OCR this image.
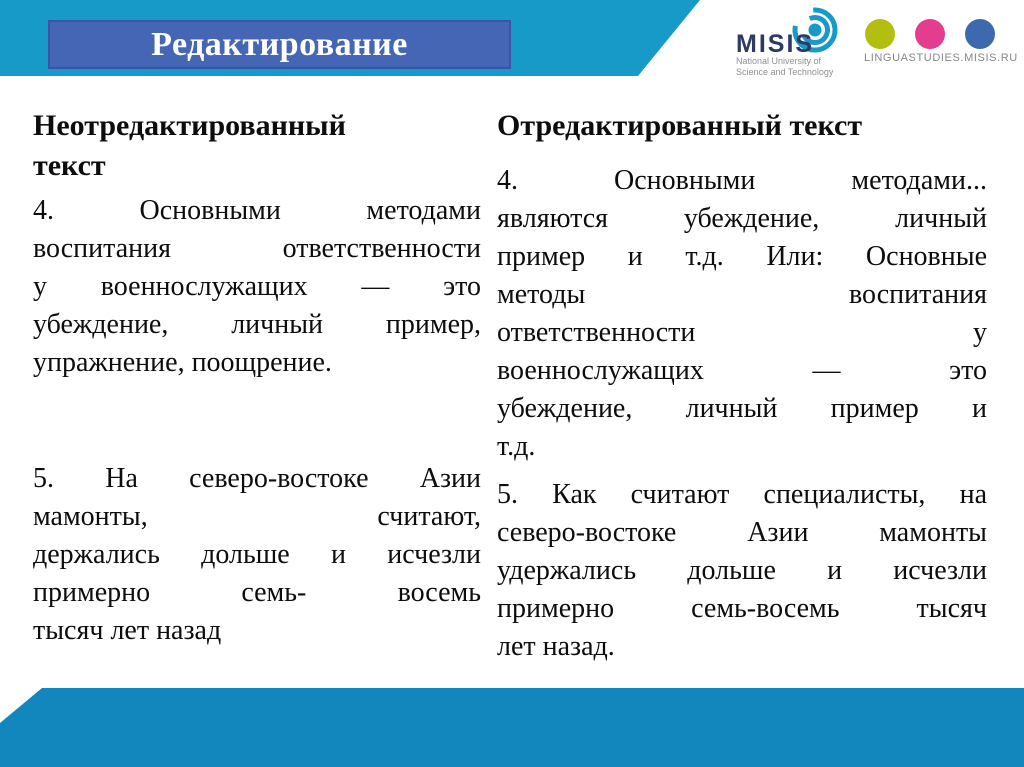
Редактирование	MISIS
National University of
Science and Technology
LINGUASTUDIES.MISIS.RU
Неотредактированный
текст
4. Основными методами
воспитания ответственности
у военнослужащих — это
убеждение, личный пример,
упражнение, поощрение.
5. На северо-востоке Азии
мамонты, считают,
держались дольше и исчезли
примерно семь- восемь
тысяч лет назад
Отредактированный текст
4. Основными методами...
являются убеждение, личный
пример и т.д. Или: Основные
методы воспитания
ответственности у
военнослужащих — это
убеждение, личный пример и
т.д.
5. Как считают специалисты, на
северо-востоке Азии мамонты
удержались дольше и исчезли
примерно семь-восемь тысяч
лет назад.
